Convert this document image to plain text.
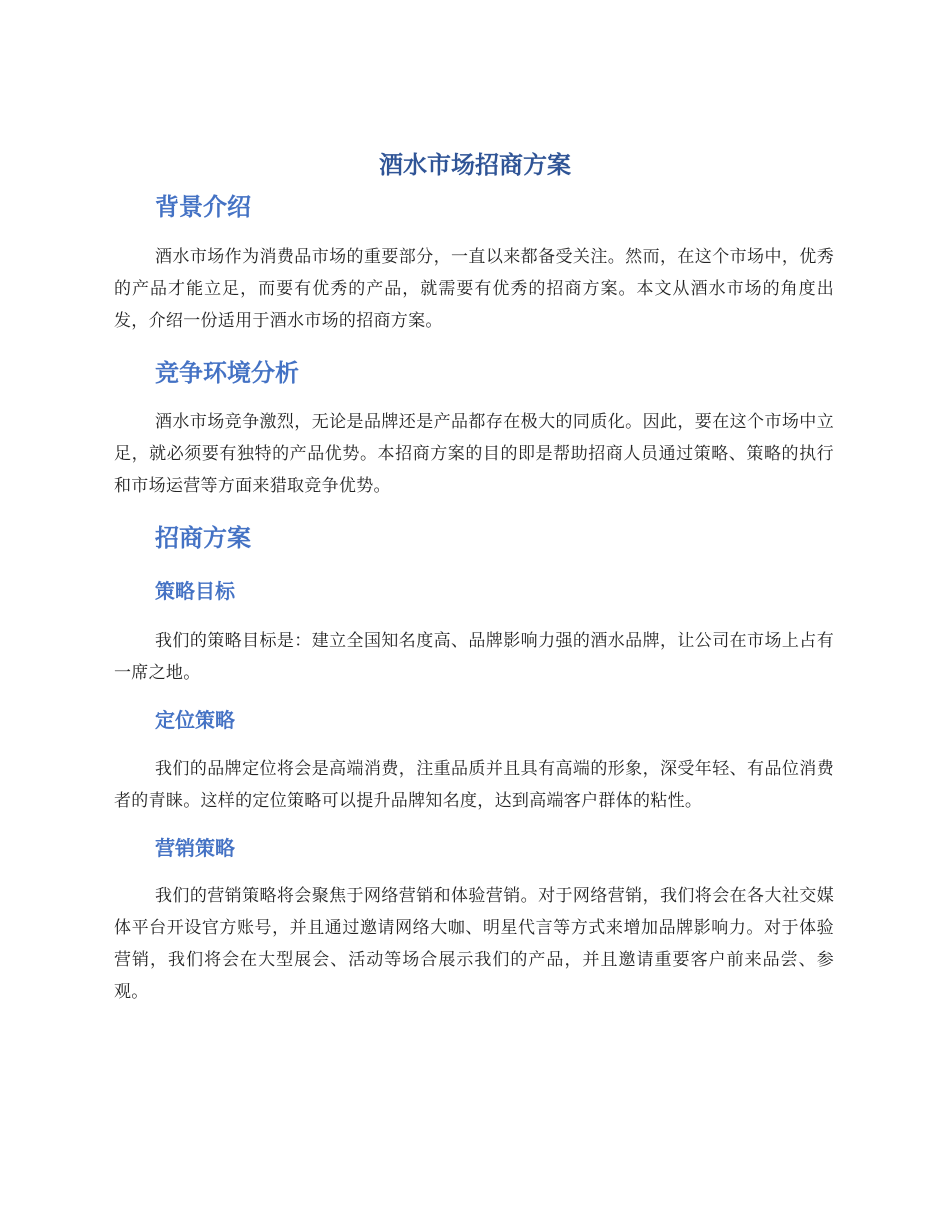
酒水市场招商方案
背景介绍

酒水市场作为消费品市场的重要部分，一直以来都备受关注。然而，在这个市场中，优秀的产品才能立足，而要有优秀的产品，就需要有优秀的招商方案。本文从酒水市场的角度出发，介绍一份适用于酒水市场的招商方案。

竞争环境分析

酒水市场竞争激烈，无论是品牌还是产品都存在极大的同质化。因此，要在这个市场中立足，就必须要有独特的产品优势。本招商方案的目的即是帮助招商人员通过策略、策略的执行和市场运营等方面来猎取竞争优势。

招商方案
策略目标

我们的策略目标是：建立全国知名度高、品牌影响力强的酒水品牌，让公司在市场上占有一席之地。

定位策略

我们的品牌定位将会是高端消费，注重品质并且具有高端的形象，深受年轻、有品位消费者的青睐。这样的定位策略可以提升品牌知名度，达到高端客户群体的粘性。

营销策略

我们的营销策略将会聚焦于网络营销和体验营销。对于网络营销，我们将会在各大社交媒体平台开设官方账号，并且通过邀请网络大咖、明星代言等方式来增加品牌影响力。对于体验营销，我们将会在大型展会、活动等场合展示我们的产品，并且邀请重要客户前来品尝、参观。
